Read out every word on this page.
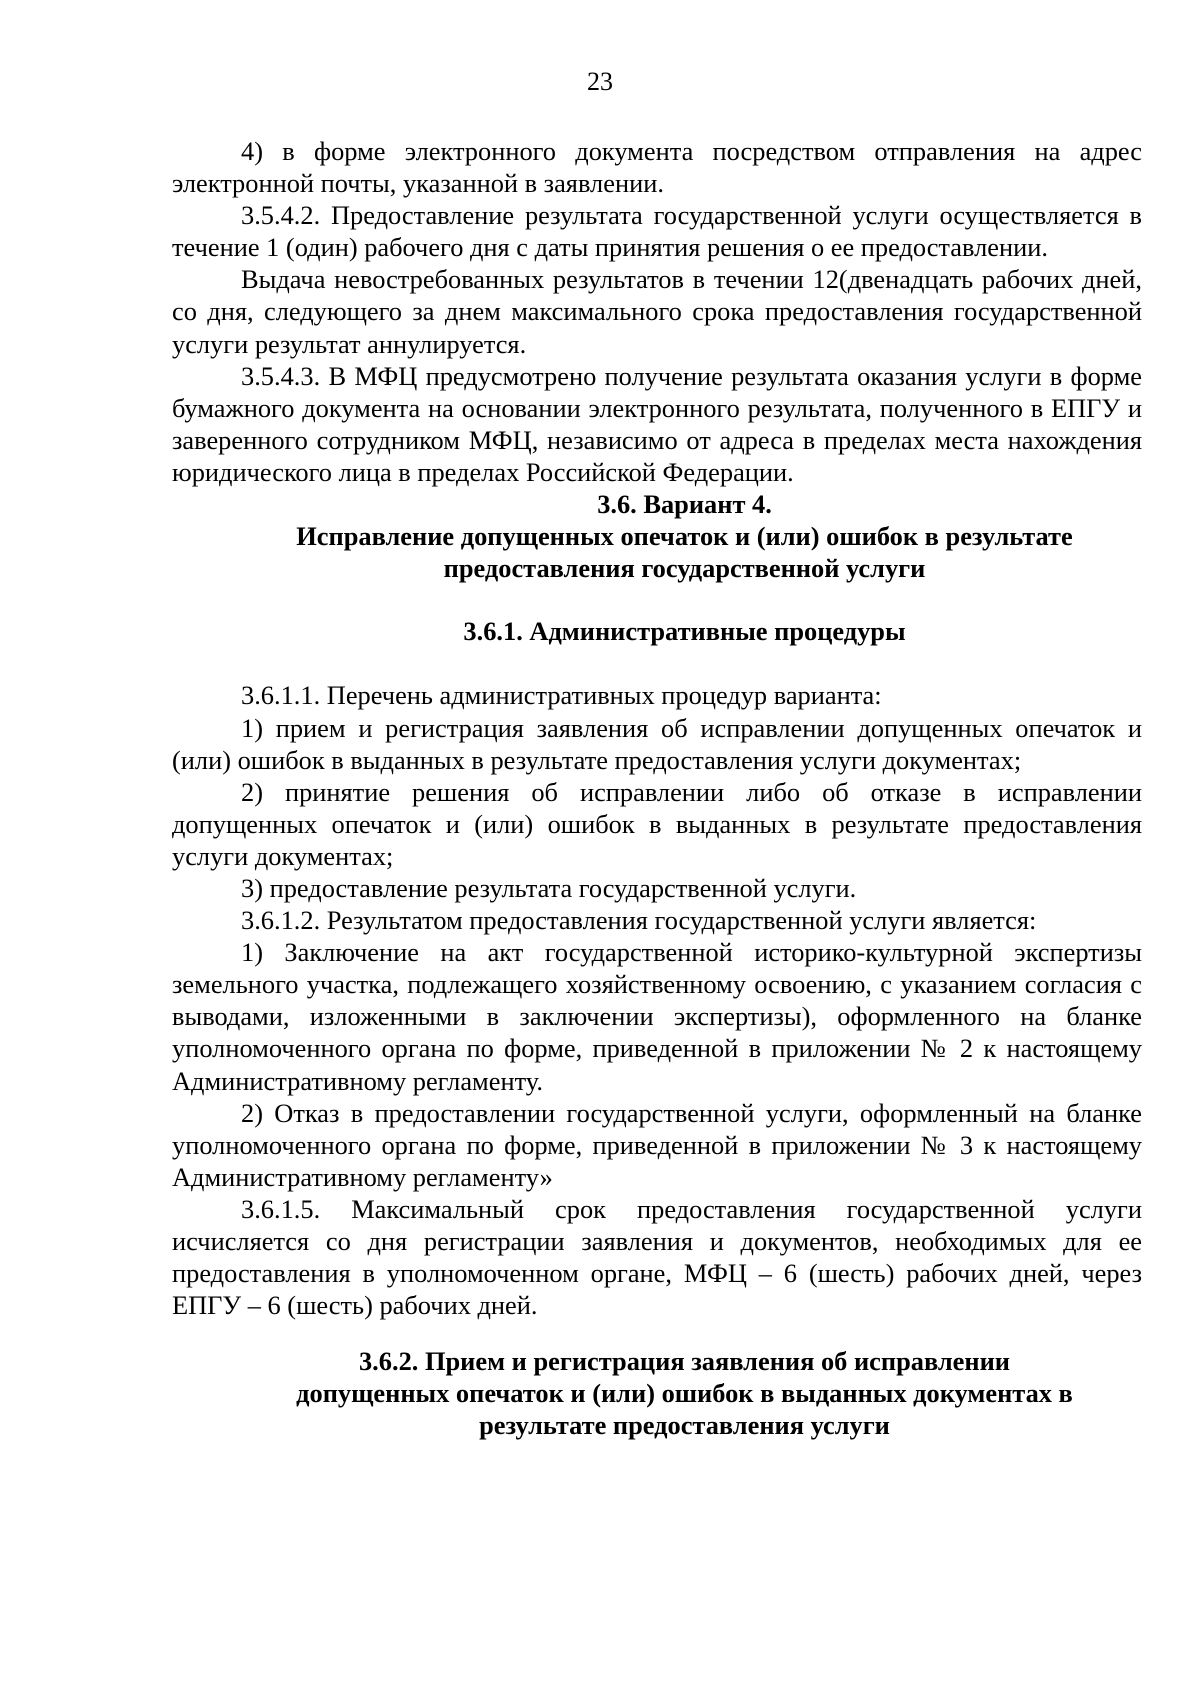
23

4) в форме электронного документа посредством отправления на адрес электронной почты, указанной в заявлении.

3.5.4.2. Предоставление результата государственной услуги осуществляется в течение 1 (один) рабочего дня с даты принятия решения о ее предоставлении.

Выдача невостребованных результатов в течении 12(двенадцать рабочих дней, со дня, следующего за днем максимального срока предоставления государственной услуги результат аннулируется.

3.5.4.3. В МФЦ предусмотрено получение результата оказания услуги в форме бумажного документа на основании электронного результата, полученного в ЕПГУ и заверенного сотрудником МФЦ, независимо от адреса в пределах места нахождения юридического лица в пределах Российской Федерации.

3.6. Вариант 4.
Исправление допущенных опечаток и (или) ошибок в результате
предоставления государственной услуги
3.6.1. Административные процедуры

3.6.1.1. Перечень административных процедур варианта:

1) прием и регистрация заявления об исправлении допущенных опечаток и (или) ошибок в выданных в результате предоставления услуги документах;

2) принятие решения об исправлении либо об отказе в исправлении допущенных опечаток и (или) ошибок в выданных в результате предоставления услуги документах;

3) предоставление результата государственной услуги.

3.6.1.2. Результатом предоставления государственной услуги является:

1) Заключение на акт государственной историко-культурной экспертизы земельного участка, подлежащего хозяйственному освоению, с указанием согласия с выводами, изложенными в заключении экспертизы), оформленного на бланке уполномоченного органа по форме, приведенной в приложении № 2 к настоящему Административному регламенту.

2) Отказ в предоставлении государственной услуги, оформленный на бланке уполномоченного органа по форме, приведенной в приложении № 3 к настоящему Административному регламенту»

3.6.1.5. Максимальный срок предоставления государственной услуги исчисляется со дня регистрации заявления и документов, необходимых для ее предоставления в уполномоченном органе, МФЦ – 6 (шесть) рабочих дней, через ЕПГУ – 6 (шесть) рабочих дней.

3.6.2. Прием и регистрация заявления об исправлении
допущенных опечаток и (или) ошибок в выданных документах в
результате предоставления услуги
